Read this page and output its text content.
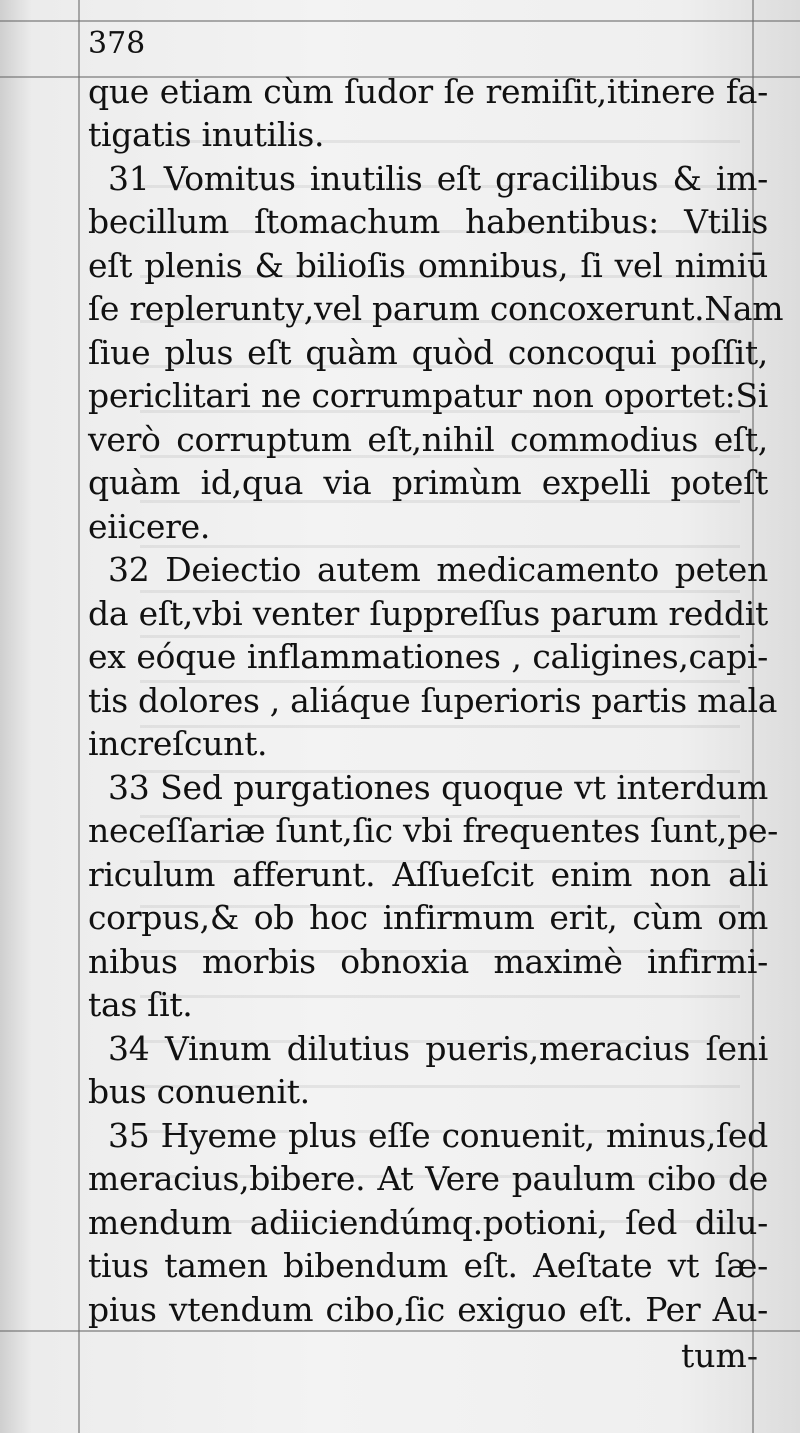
378
que etiam cùm ſudor ſe remiſit,itinere fa-
tigatis inutilis.
31 Vomitus inutilis eſt gracilibus & im-
becillum ſtomachum habentibus: Vtilis
eſt plenis & bilioſis omnibus, ſi vel nimiū
ſe repleruntу,vel parum concoxerunt.Nam
ſiue plus eſt quàm quòd concoqui poſſit,
periclitari ne corrumpatur non oportet:Si
verò corruptum eſt,nihil commodius eſt,
quàm id,qua via primùm expelli poteſt
eiicere.
32 Deiectio autem medicamento peten
da eſt,vbi venter ſuppreſſus parum reddit
ex eóque inflammationes , caligines,capi-
tis dolores , aliáque ſuperioris partis mala
increſcunt.
33 Sed purgationes quoque vt interdum
neceſſariæ ſunt,ſic vbi frequentes ſunt,pe-
riculum afferunt. Aſſueſcit enim non ali
corpus,& ob hoc infirmum erit, cùm om
nibus morbis obnoxia maximè infirmi-
tas ſit.
34 Vinum dilutius pueris,meracius ſeni
bus conuenit.
35 Hyeme plus eſſe conuenit, minus,ſed
meracius,bibere. At Vere paulum cibo de
mendum adiiciendúmq.potioni, ſed dilu-
tius tamen bibendum eſt. Aeſtate vt ſæ-
pius vtendum cibo,ſic exiguo eſt. Per Au-
tum-
